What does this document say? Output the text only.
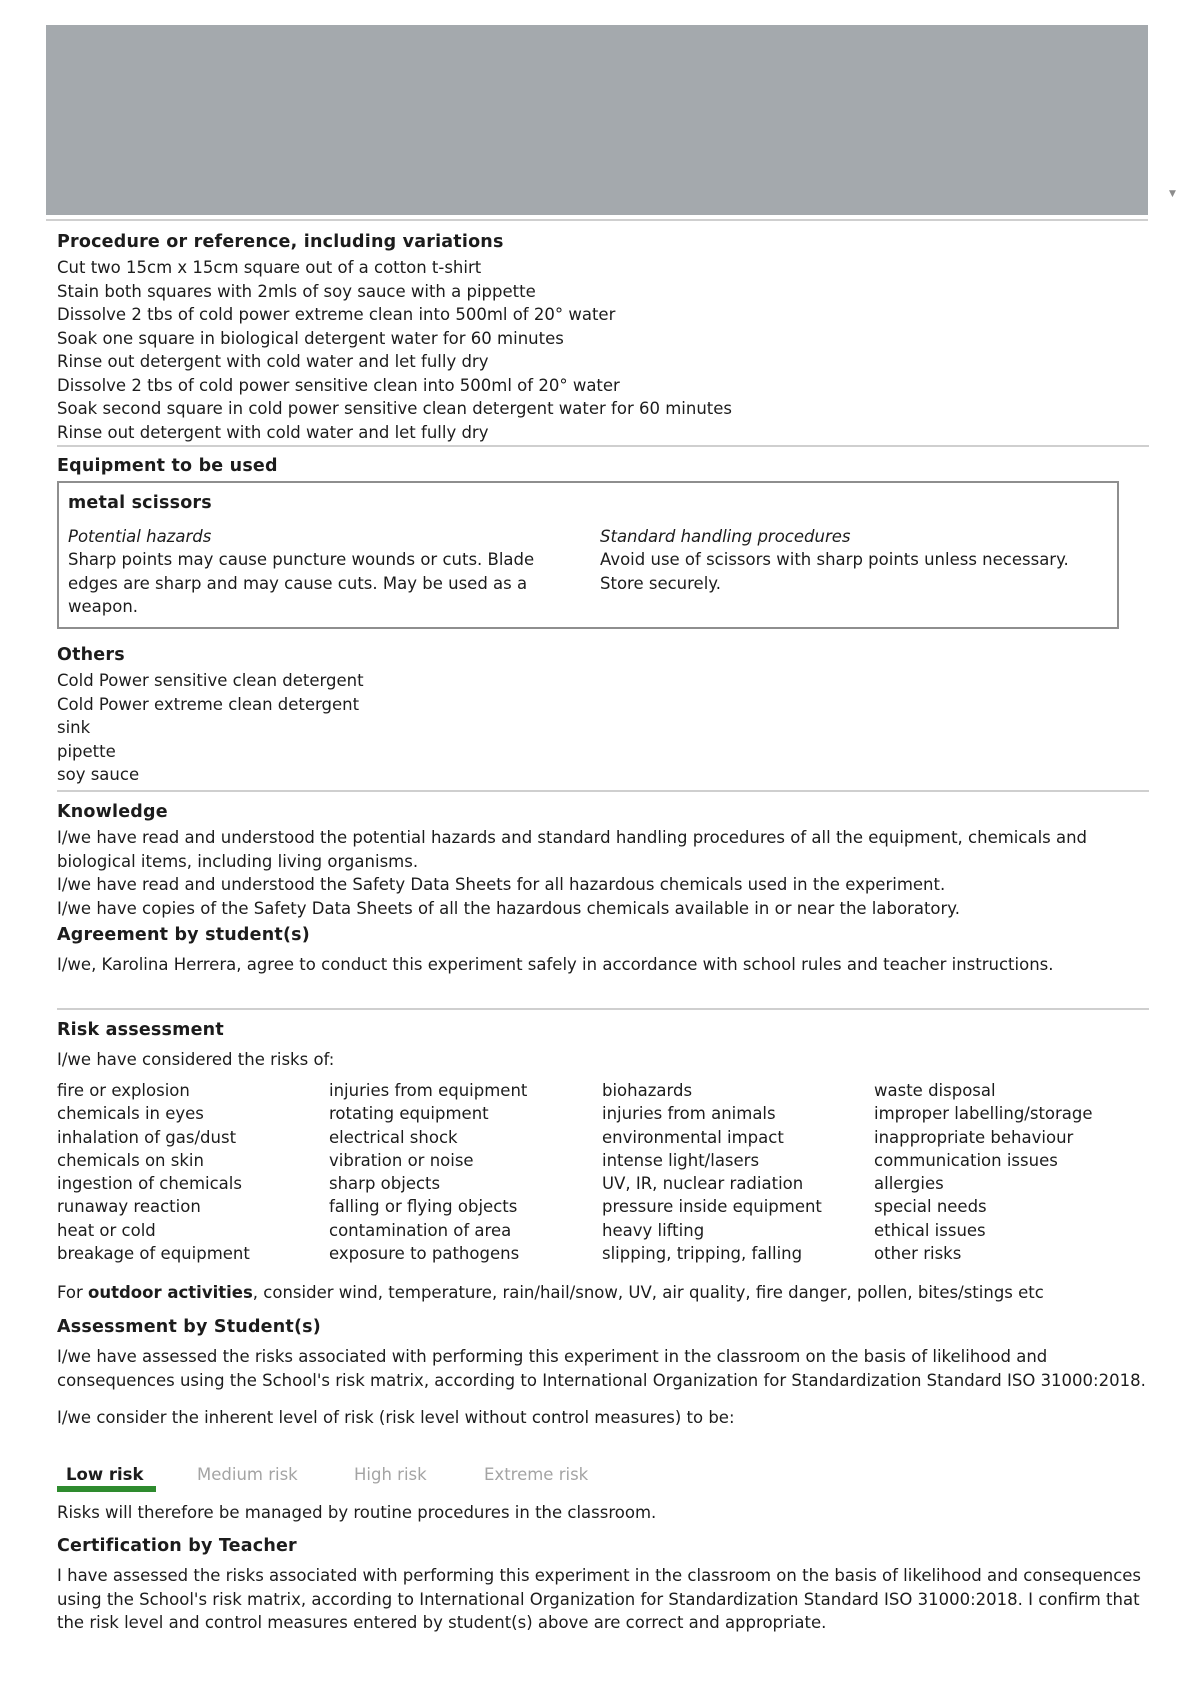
▼
Procedure or reference, including variations
Cut two 15cm x 15cm square out of a cotton t-shirt
Stain both squares with 2mls of soy sauce with a pippette
Dissolve 2 tbs of cold power extreme clean into 500ml of 20° water
Soak one square in biological detergent water for 60 minutes
Rinse out detergent with cold water and let fully dry
Dissolve 2 tbs of cold power sensitive clean into 500ml of 20° water
Soak second square in cold power sensitive clean detergent water for 60 minutes
Rinse out detergent with cold water and let fully dry
Equipment to be used
metal scissors
Potential hazards
Sharp points may cause puncture wounds or cuts. Blade edges are sharp and may cause cuts. May be used as a weapon.
Standard handling procedures
Avoid use of scissors with sharp points unless necessary. Store securely.
Others
Cold Power sensitive clean detergent
Cold Power extreme clean detergent
sink
pipette
soy sauce
Knowledge
I/we have read and understood the potential hazards and standard handling procedures of all the equipment, chemicals and biological items, including living organisms.
I/we have read and understood the Safety Data Sheets for all hazardous chemicals used in the experiment.
I/we have copies of the Safety Data Sheets of all the hazardous chemicals available in or near the laboratory.
Agreement by student(s)
I/we, Karolina Herrera, agree to conduct this experiment safely in accordance with school rules and teacher instructions.
Risk assessment
I/we have considered the risks of:
fire or explosion	injuries from equipment	biohazards	waste disposal
chemicals in eyes	rotating equipment	injuries from animals	improper labelling/storage
inhalation of gas/dust	electrical shock	environmental impact	inappropriate behaviour
chemicals on skin	vibration or noise	intense light/lasers	communication issues
ingestion of chemicals	sharp objects	UV, IR, nuclear radiation	allergies
runaway reaction	falling or flying objects	pressure inside equipment	special needs
heat or cold	contamination of area	heavy lifting	ethical issues
breakage of equipment	exposure to pathogens	slipping, tripping, falling	other risks
For outdoor activities, consider wind, temperature, rain/hail/snow, UV, air quality, fire danger, pollen, bites/stings etc
Assessment by Student(s)
I/we have assessed the risks associated with performing this experiment in the classroom on the basis of likelihood and consequences using the School's risk matrix, according to International Organization for Standardization Standard ISO 31000:2018.
I/we consider the inherent level of risk (risk level without control measures) to be:
Low risk	Medium risk	High risk	Extreme risk
Risks will therefore be managed by routine procedures in the classroom.
Certification by Teacher
I have assessed the risks associated with performing this experiment in the classroom on the basis of likelihood and consequences using the School's risk matrix, according to International Organization for Standardization Standard ISO 31000:2018. I confirm that the risk level and control measures entered by student(s) above are correct and appropriate.
